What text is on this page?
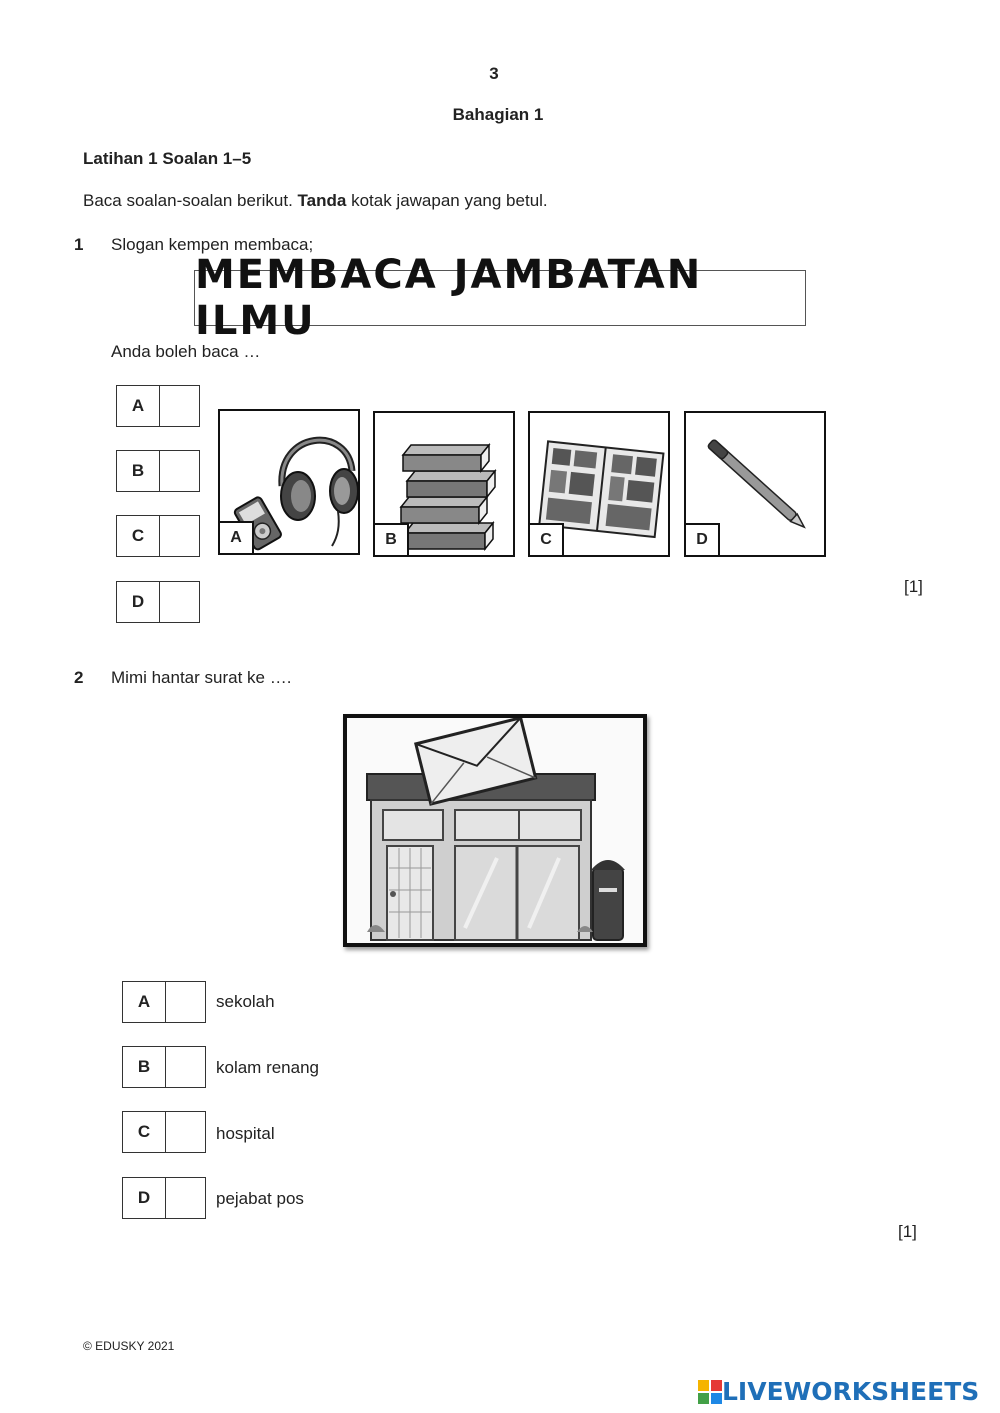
3
Bahagian 1
Latihan 1 Soalan 1–5
Baca soalan-soalan berikut. Tanda kotak jawapan yang betul.
1 Slogan kempen membaca;
MEMBACA JAMBATAN ILMU
Anda boleh baca …
A
B
C
D
A	B	C	D
[1]
2 Mimi hantar surat ke ….
A	sekolah
B	kolam renang
C	hospital
D	pejabat pos
[1]
© EDUSKY 2021
LIVEWORKSHEETS
